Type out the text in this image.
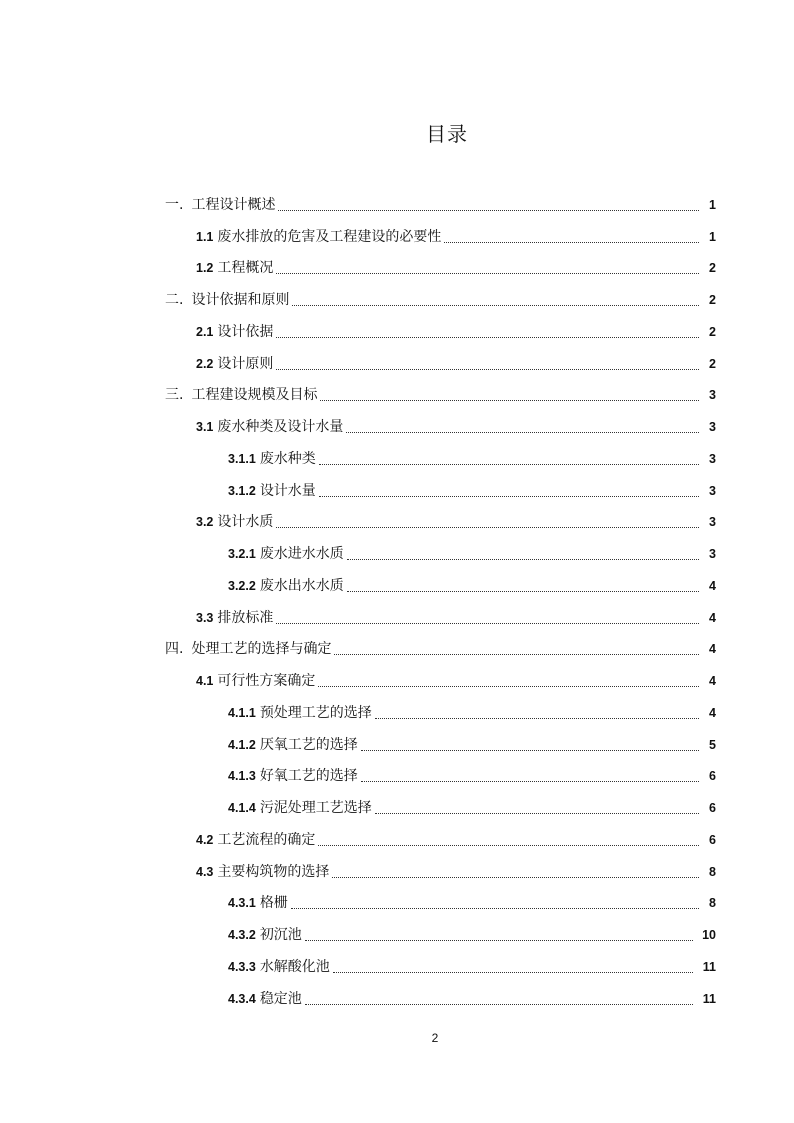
目录
一. 工程设计概述	1
1.1 废水排放的危害及工程建设的必要性	1
1.2 工程概况	2
二. 设计依据和原则	2
2.1 设计依据	2
2.2 设计原则	2
三. 工程建设规模及目标	3
3.1 废水种类及设计水量	3
3.1.1 废水种类	3
3.1.2 设计水量	3
3.2 设计水质	3
3.2.1 废水进水水质	3
3.2.2 废水出水水质	4
3.3 排放标准	4
四. 处理工艺的选择与确定	4
4.1 可行性方案确定	4
4.1.1 预处理工艺的选择	4
4.1.2 厌氧工艺的选择	5
4.1.3 好氧工艺的选择	6
4.1.4 污泥处理工艺选择	6
4.2 工艺流程的确定	6
4.3 主要构筑物的选择	8
4.3.1 格栅	8
4.3.2 初沉池	10
4.3.3 水解酸化池	11
4.3.4 稳定池	11
2
